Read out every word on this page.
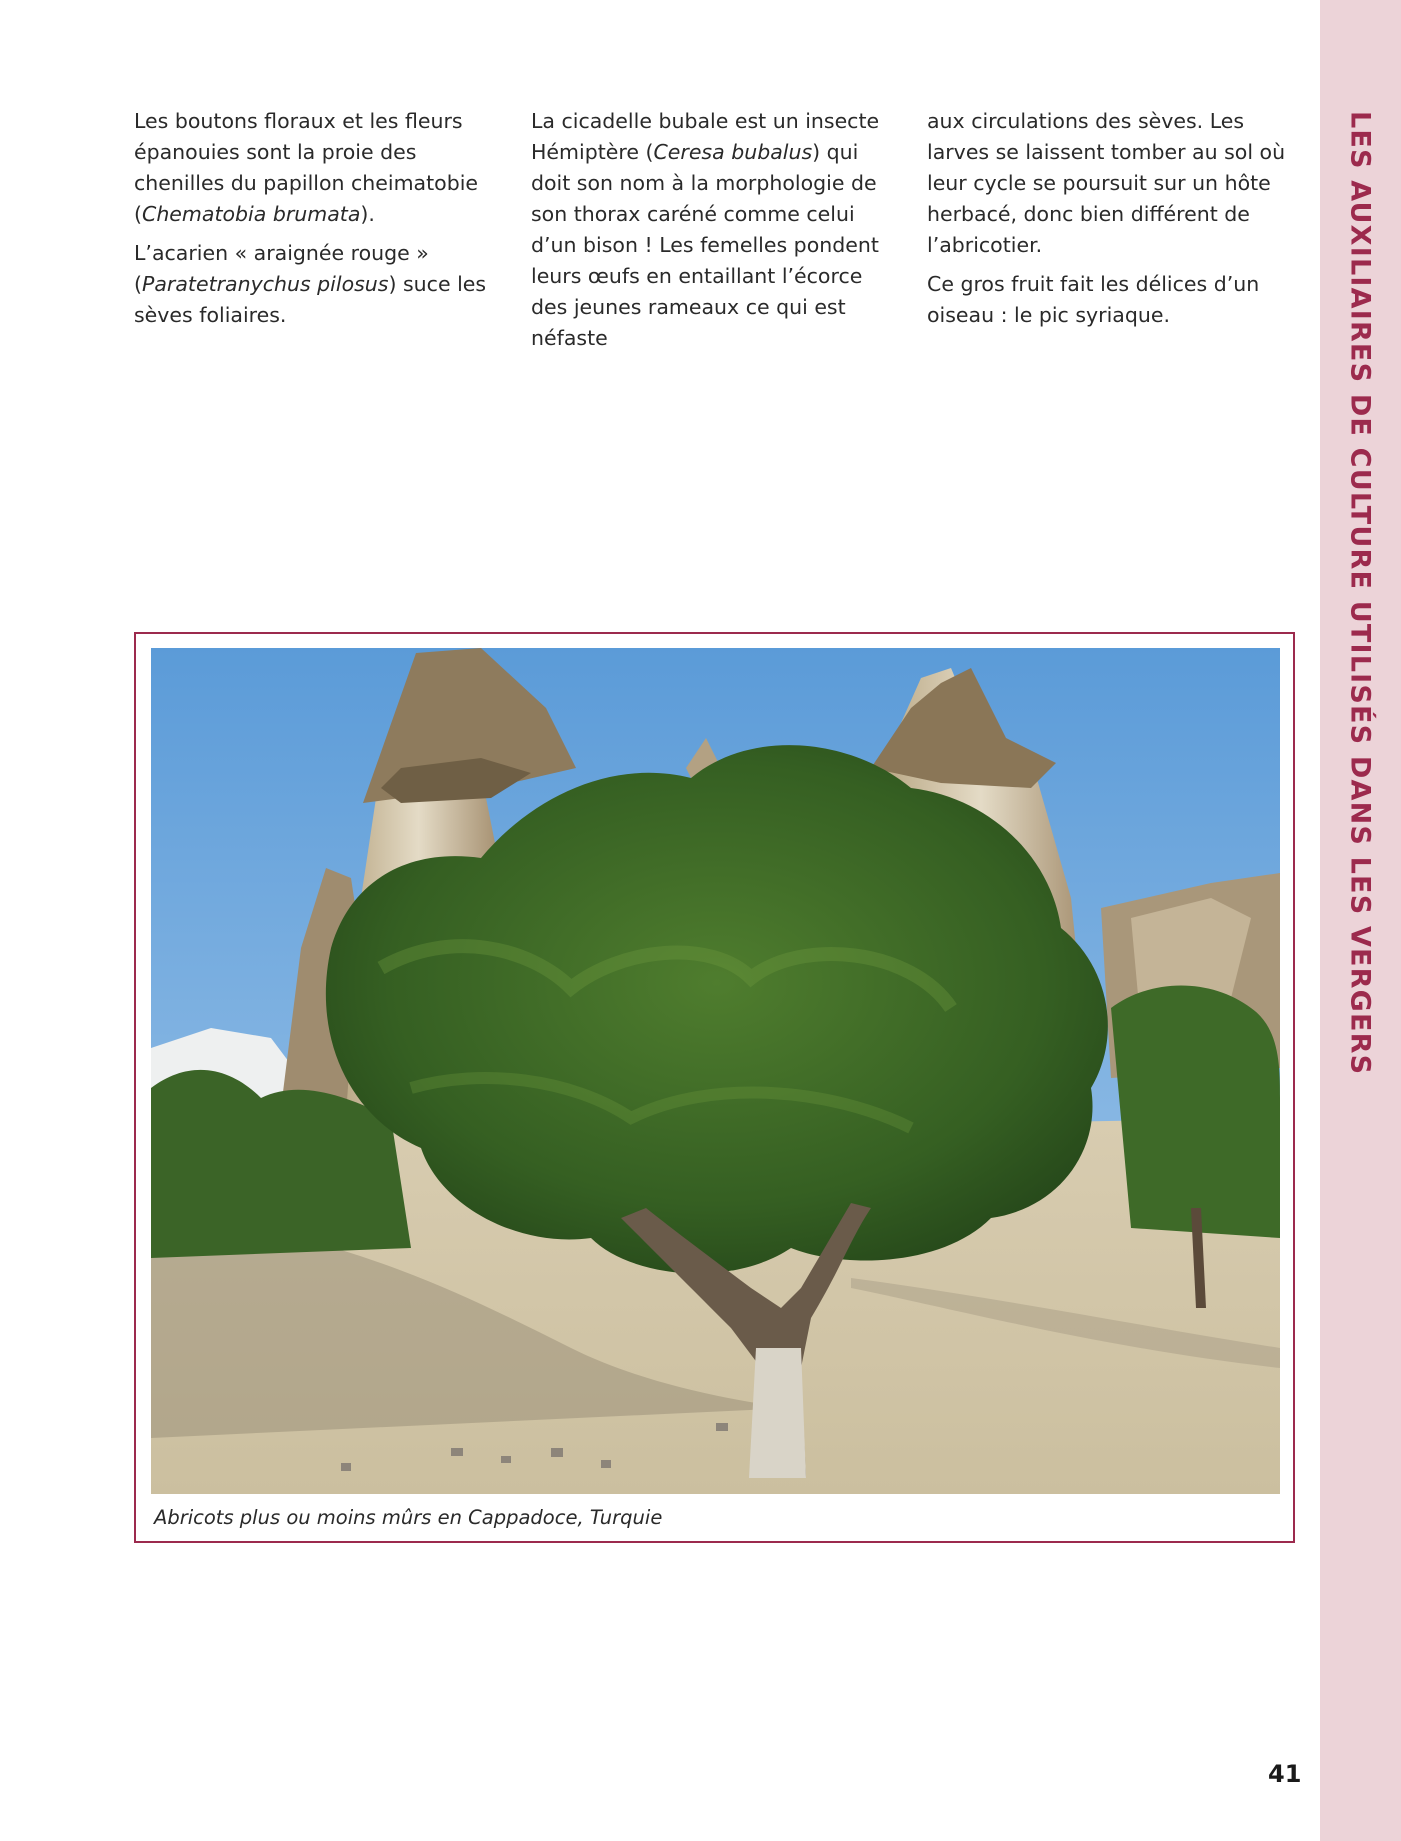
LES AUXILIAIRES DE CULTURE UTILISÉS DANS LES VERGERS

Les boutons floraux et les fleurs épanouies sont la proie des chenilles du papillon cheimatobie (Chematobia brumata).

L’acarien « araignée rouge » (Paratetranychus pilosus) suce les sèves foliaires.

La cicadelle bubale est un insecte Hémiptère (Ceresa bubalus) qui doit son nom à la morphologie de son thorax caréné comme celui d’un bison ! Les femelles pondent leurs œufs en entaillant l’écorce des jeunes rameaux ce qui est néfaste

aux circulations des sèves. Les larves se laissent tomber au sol où leur cycle se poursuit sur un hôte herbacé, donc bien différent de l’abricotier.

Ce gros fruit fait les délices d’un oiseau : le pic syriaque.

Abricots plus ou moins mûrs en Cappadoce, Turquie
41
